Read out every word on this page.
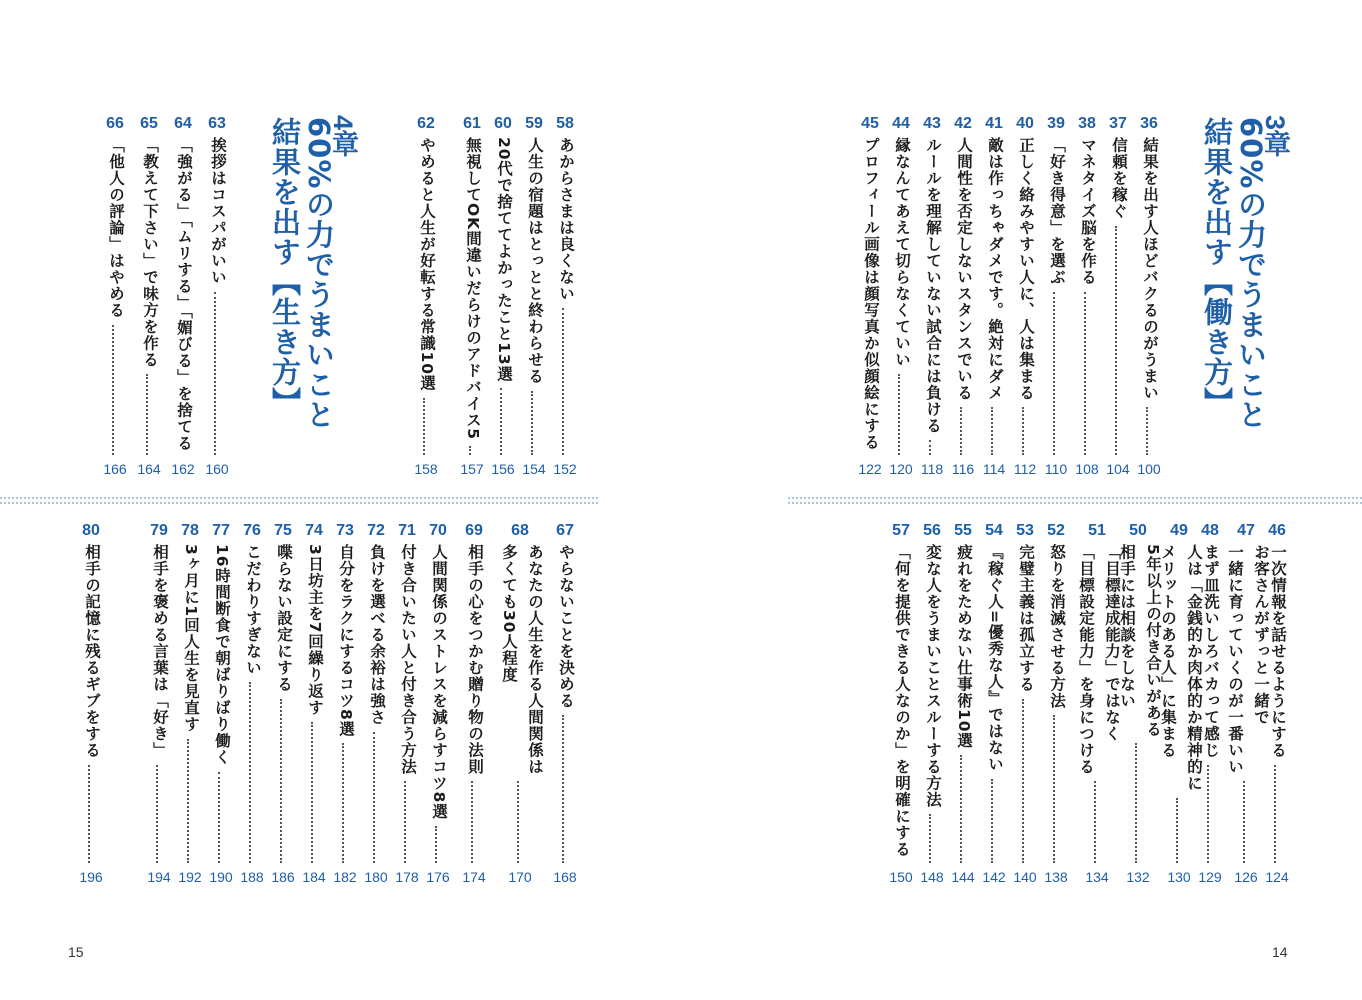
4章
60%の力でうまいこと
結果を出す【生き方】	58
あからさまは良くない
152
59
人生の宿題はとっとと終わらせる
154
60
20代で捨ててよかったこと13選
156
61
無視してOK間違いだらけのアドバイス5
157
62
やめると人生が好転する常識10選
158
63
挨拶はコスパがいい
160
64
「強がる」「ムリする」「媚びる」を捨てる
162
65
「教えて下さい」で味方を作る
164
66
「他人の評論」はやめる
166
67
やらないことを決める
168
68
あなたの人生を作る人間関係は
多くても30人程度
170
69
相手の心をつかむ贈り物の法則
174
70
人間関係のストレスを減らすコツ8選
176
71
付き合いたい人と付き合う方法
178
72
負けを選べる余裕は強さ
180
73
自分をラクにするコツ8選
182
74
3日坊主を7回繰り返す
184
75
喋らない設定にする
186
76
こだわりすぎない
188
77
16時間断食で朝ばりばり働く
190
78
3ヶ月に1回人生を見直す
192
79
相手を褒める言葉は「好き」
194
80
相手の記憶に残るギブをする
196
15
3章
60%の力でうまいこと
結果を出す【働き方】
36
結果を出す人ほどバクるのがうまい
100
37
信頼を稼ぐ
104
38
マネタイズ脳を作る
108
39
「好き得意」を選ぶ
110
40
正しく絡みやすい人に、人は集まる
112
41
敵は作っちゃダメです。絶対にダメ
114
42
人間性を否定しないスタンスでいる
116
43
ルールを理解していない試合には負ける
118
44
縁なんてあえて切らなくていい
120
45
プロフィール画像は顔写真か似顔絵にする
122
46
一次情報を話せるようにする
124
47
お客さんがずっと一緒で
一緒に育っていくのが一番いい
126
48
まず皿洗いしろバカって感じ
129
49
人は「金銭的か肉体的か精神的に
メリットのある人」に集まる
130
50
5年以上の付き合いがある
相手には相談をしない
132
51
「目標達成能力」ではなく
「目標設定能力」を身につける
134
52
怒りを消滅させる方法
138
53
完璧主義は孤立する
140
54
『稼ぐ人=優秀な人』ではない
142
55
疲れをためない仕事術10選
144
56
変な人をうまいことスルーする方法
148
57
「何を提供できる人なのか」を明確にする
150
14
